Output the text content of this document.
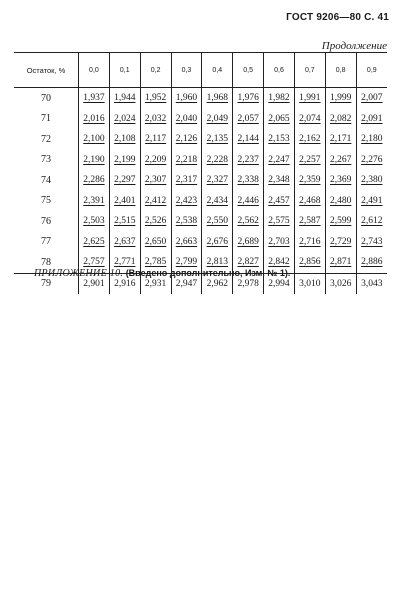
ГОСТ 9206—80 С. 41
Продолжение
Остаток, %	0,0	0,1	0,2	0,3	0,4	0,5	0,6	0,7	0,8	0,9
70	1,937	1,944	1,952	1,960	1,968	1,976	1,982	1,991	1,999	2,007
71	2,016	2,024	2,032	2,040	2,049	2,057	2,065	2,074	2,082	2,091
72	2,100	2,108	2,117	2,126	2,135	2,144	2,153	2,162	2,171	2,180
73	2,190	2,199	2,209	2,218	2,228	2,237	2,247	2,257	2,267	2,276
74	2,286	2,297	2,307	2,317	2,327	2,338	2,348	2,359	2,369	2,380
75	2,391	2,401	2,412	2,423	2,434	2,446	2,457	2,468	2,480	2,491
76	2,503	2,515	2,526	2,538	2,550	2,562	2,575	2,587	2,599	2,612
77	2,625	2,637	2,650	2,663	2,676	2,689	2,703	2,716	2,729	2,743
78	2,757	2,771	2,785	2,799	2,813	2,827	2,842	2,856	2,871	2,886
79	2,901	2,916	2,931	2,947	2,962	2,978	2,994	3,010	3,026	3,043
ПРИЛОЖЕНИЕ 10. (Введено дополнительно, Изм. № 1).
